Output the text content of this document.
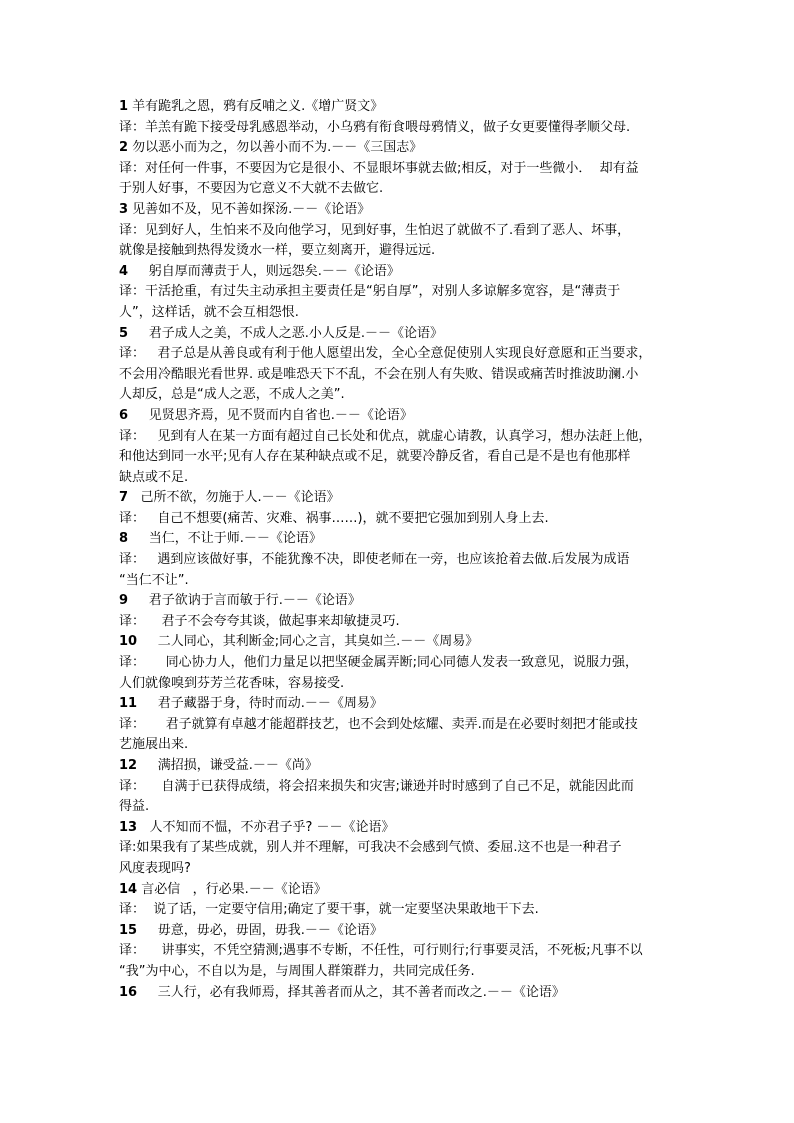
1 羊有跪乳之恩，鸦有反哺之义.《增广贤文》
译：羊羔有跪下接受母乳感恩举动，小乌鸦有衔食喂母鸦情义，做子女更要懂得孝顺父母.
2 勿以恶小而为之，勿以善小而不为.－－《三国志》
译：对任何一件事，不要因为它是很小、不显眼坏事就去做;相反，对于一些微小．  却有益
于别人好事，不要因为它意义不大就不去做它.
3 见善如不及，见不善如探汤.－－《论语》
译：见到好人，生怕来不及向他学习，见到好事，生怕迟了就做不了.看到了恶人、坏事，
就像是接触到热得发烫水一样，要立刻离开，避得远远.
4     躬自厚而薄责于人，则远怨矣.－－《论语》
译：干活抢重，有过失主动承担主要责任是“躬自厚”，对别人多谅解多宽容，是“薄责于
人”，这样话，就不会互相怨恨.
5     君子成人之美，不成人之恶.小人反是.－－《论语》
译：   君子总是从善良或有利于他人愿望出发，全心全意促使别人实现良好意愿和正当要求，
不会用冷酷眼光看世界. 或是唯恐天下不乱，不会在别人有失败、错误或痛苦时推波助澜.小
人却反，总是“成人之恶，不成人之美”.
6     见贤思齐焉，见不贤而内自省也.－－《论语》
译：   见到有人在某一方面有超过自己长处和优点，就虚心请教，认真学习，想办法赶上他，
和他达到同一水平;见有人存在某种缺点或不足，就要冷静反省，看自己是不是也有他那样
缺点或不足.
7   己所不欲，勿施于人.－－《论语》
译：   自己不想要(痛苦、灾难、祸事……)，就不要把它强加到别人身上去.
8     当仁，不让于师.－－《论语》
译：   遇到应该做好事，不能犹豫不决，即使老师在一旁，也应该抢着去做.后发展为成语
“当仁不让”.
9     君子欲讷于言而敏于行.－－《论语》
译：    君子不会夸夸其谈，做起事来却敏捷灵巧.
10     二人同心，其利断金;同心之言，其臭如兰.－－《周易》
译：     同心协力人，他们力量足以把坚硬金属弄断;同心同德人发表一致意见，说服力强，
人们就像嗅到芬芳兰花香味，容易接受.
11     君子藏器于身，待时而动.－－《周易》
译：     君子就算有卓越才能超群技艺，也不会到处炫耀、卖弄.而是在必要时刻把才能或技
艺施展出来.
12     满招损，谦受益.－－《尚》
译：    自满于已获得成绩，将会招来损失和灾害;谦逊并时时感到了自己不足，就能因此而
得益.
13   人不知而不愠，不亦君子乎? －－《论语》
译:如果我有了某些成就，别人并不理解，可我决不会感到气愤、委屈.这不也是一种君子
风度表现吗?
14 言必信   ，行必果.－－《论语》
译：  说了话，一定要守信用;确定了要干事，就一定要坚决果敢地干下去.
15     毋意，毋必，毋固，毋我.－－《论语》
译：    讲事实，不凭空猜测;遇事不专断，不任性，可行则行;行事要灵活，不死板;凡事不以
“我”为中心，不自以为是，与周围人群策群力，共同完成任务.
16     三人行，必有我师焉，择其善者而从之，其不善者而改之.－－《论语》
